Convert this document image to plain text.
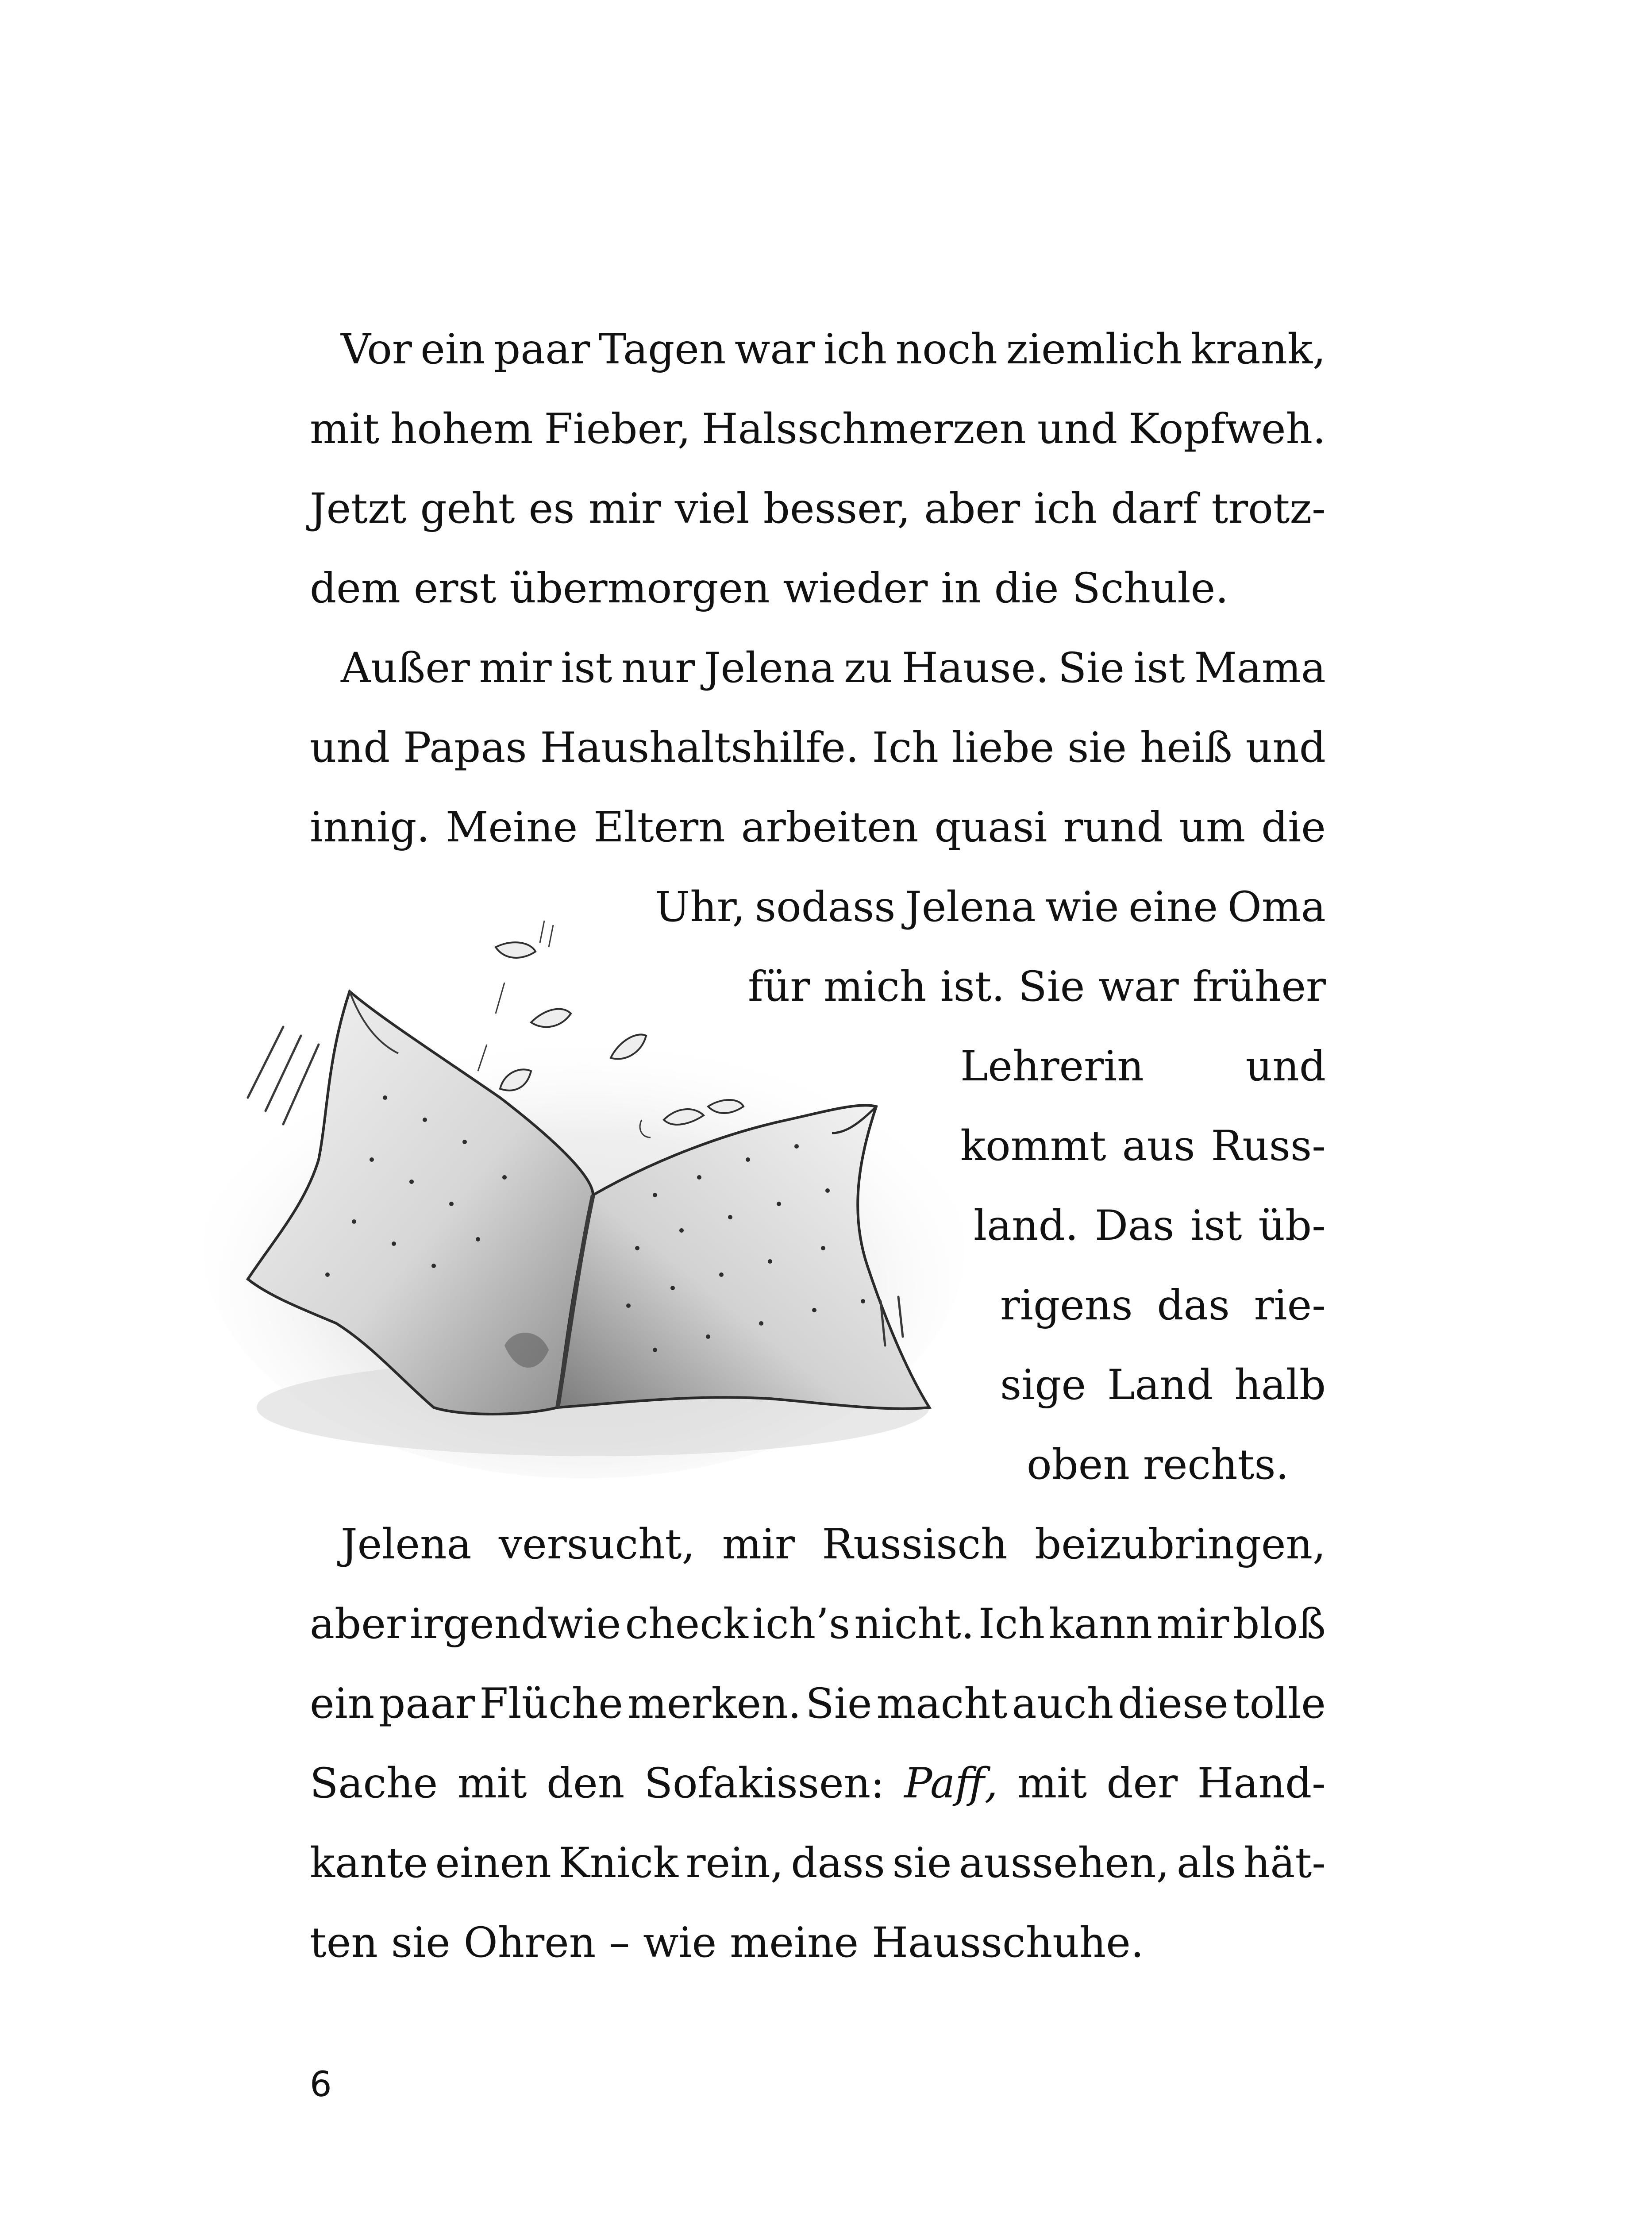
Vor ein paar Tagen war ich noch ziemlich krank,
mit hohem Fieber, Halsschmerzen und Kopfweh.
Jetzt geht es mir viel besser, aber ich darf trotz-
dem erst übermorgen wieder in die Schule.
Außer mir ist nur Jelena zu Hause. Sie ist Mama
und Papas Haushaltshilfe. Ich liebe sie heiß und
innig. Meine Eltern arbeiten quasi rund um die
Uhr, sodass Jelena wie eine Oma
für mich ist. Sie war früher
Lehrerin und
kommt aus Russ-
land. Das ist üb-
rigens das rie-
sige Land halb
oben rechts.
Jelena versucht, mir Russisch beizubringen,
aber irgendwie check ich’s nicht. Ich kann mir bloß
ein paar Flüche merken. Sie macht auch diese tolle
Sache mit den Sofakissen: Paff, mit der Hand-
kante einen Knick rein, dass sie aussehen, als hät-
ten sie Ohren – wie meine Hausschuhe.
6
